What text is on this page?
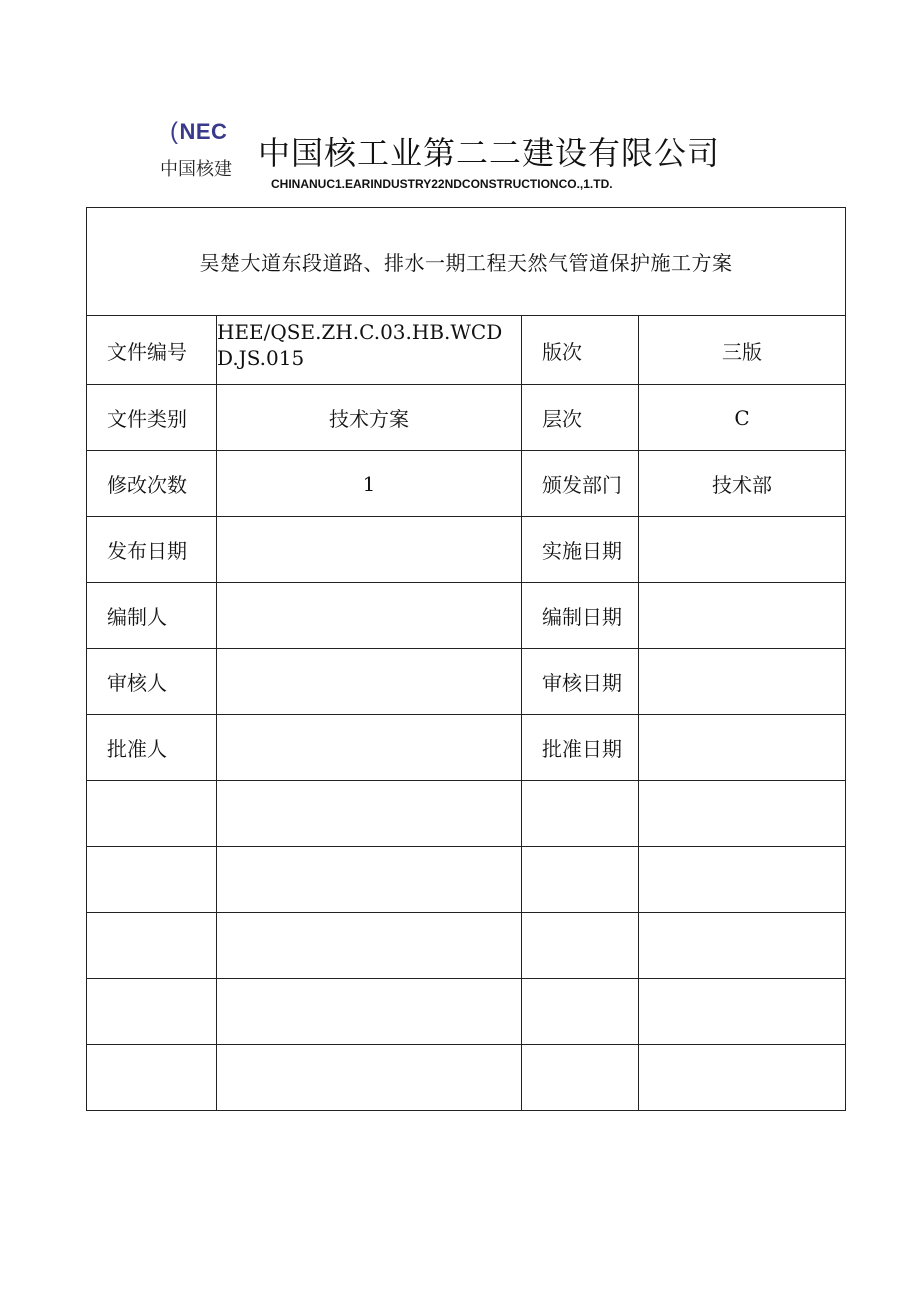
(NEC
中国核建 中国核工业第二二建设有限公司
CHINANUC1.EARINDUSTRY22NDCONSTRUCTIONCO.,1.TD.
吴楚大道东段道路、排水一期工程天然气管道保护施工方案			
文件编号	HEE/QSE.ZH.C.03.HB.WCDD.JS.015	版次	三版
文件类别	技术方案	层次	C
修改次数	1	颁发部门	技术部
发布日期		实施日期	
编制人		编制日期	
审核人		审核日期	
批准人		批准日期	
